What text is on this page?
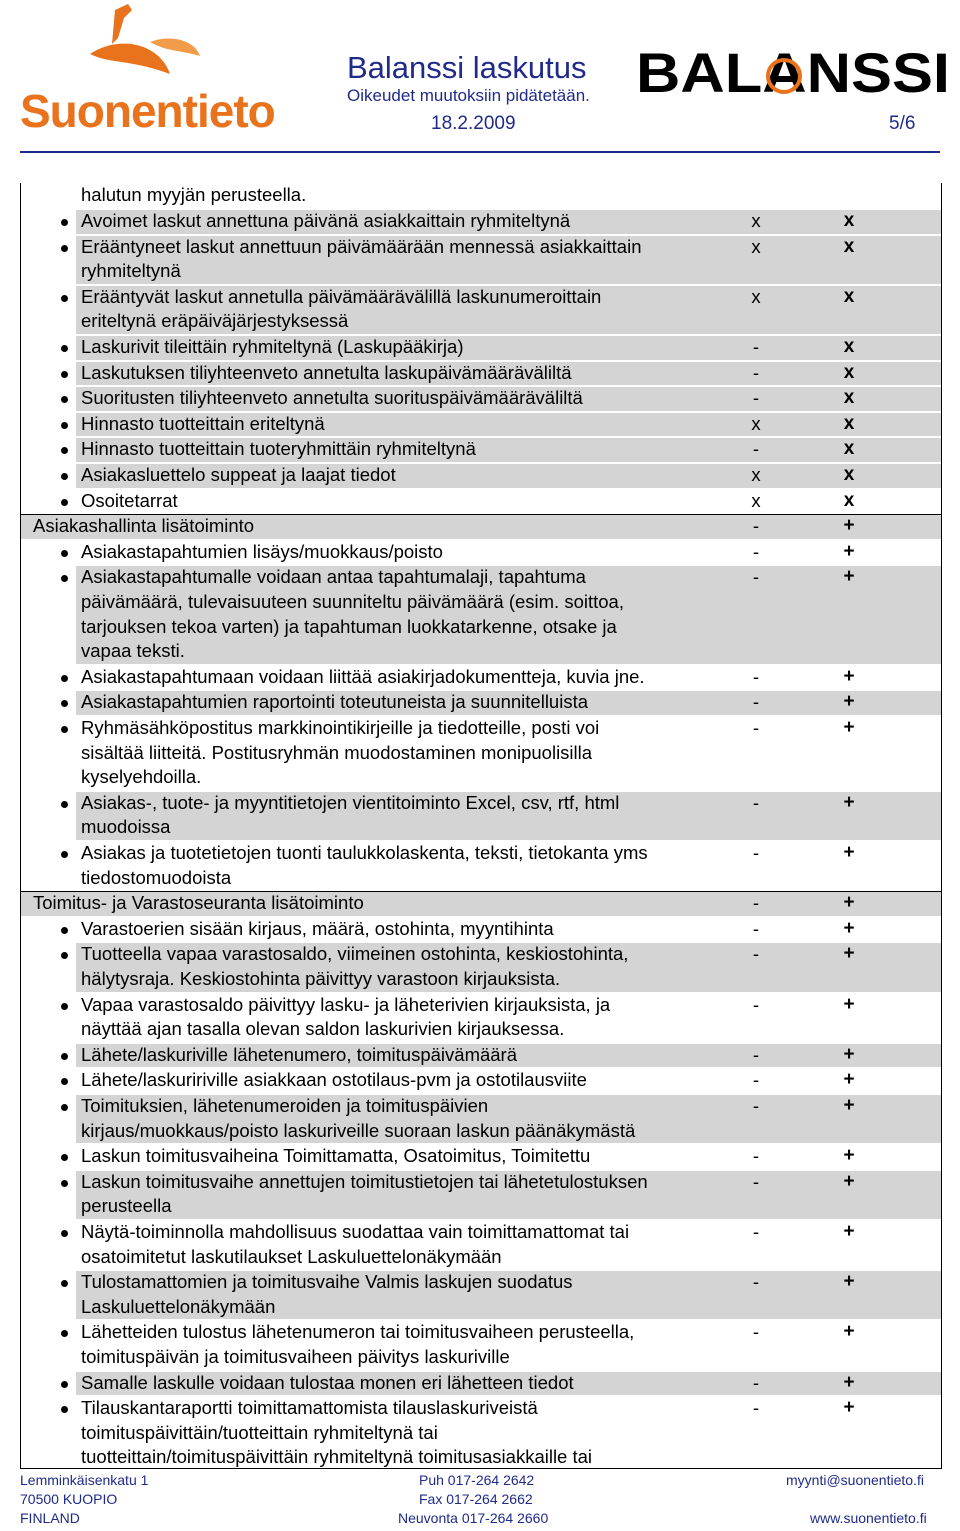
Suonentieto
Balanssi laskutus
Oikeudet muutoksiin pidätetään.
18.2.2009	5/6
BALANSSI
halutun myyjän perusteella.
Avoimet laskut annettuna päivänä asiakkaittain ryhmiteltynä	x	x
Erääntyneet laskut annettuun päivämäärään mennessä asiakkaittain
ryhmiteltynä
x	x
Erääntyvät laskut annetulla päivämäärävälillä laskunumeroittain
eriteltynä eräpäiväjärjestyksessä
x	x
Laskurivit tileittäin ryhmiteltynä (Laskupääkirja)	-	x
Laskutuksen tiliyhteenveto annetulta laskupäivämääräväliltä	-	x
Suoritusten tiliyhteenveto annetulta suorituspäivämääräväliltä	-	x
Hinnasto tuotteittain eriteltynä	x	x
Hinnasto tuotteittain tuoteryhmittäin ryhmiteltynä	-	x
Asiakasluettelo suppeat ja laajat tiedot	x	x
Osoitetarrat	x	x
Asiakashallinta lisätoiminto	-	+
Asiakastapahtumien lisäys/muokkaus/poisto	-	+
Asiakastapahtumalle voidaan antaa tapahtumalaji, tapahtuma
päivämäärä, tulevaisuuteen suunniteltu päivämäärä (esim. soittoa,
tarjouksen tekoa varten) ja tapahtuman luokkatarkenne, otsake ja
vapaa teksti.
-	+
Asiakastapahtumaan voidaan liittää asiakirjadokumentteja, kuvia jne.	-	+
Asiakastapahtumien raportointi toteutuneista ja suunnitelluista	-	+
Ryhmäsähköpostitus markkinointikirjeille ja tiedotteille, posti voi
sisältää liitteitä. Postitusryhmän muodostaminen monipuolisilla
kyselyehdoilla.
-	+
Asiakas-, tuote- ja myyntitietojen vientitoiminto Excel, csv, rtf, html
muodoissa
-	+
Asiakas ja tuotetietojen tuonti taulukkolaskenta, teksti, tietokanta yms
tiedostomuodoista
-	+
Toimitus- ja Varastoseuranta lisätoiminto	-	+
Varastoerien sisään kirjaus, määrä, ostohinta, myyntihinta	-	+
Tuotteella vapaa varastosaldo, viimeinen ostohinta, keskiostohinta,
hälytysraja. Keskiostohinta päivittyy varastoon kirjauksista.
-	+
Vapaa varastosaldo päivittyy lasku- ja läheterivien kirjauksista, ja
näyttää ajan tasalla olevan saldon laskurivien kirjauksessa.
-	+
Lähete/laskuriville lähetenumero, toimituspäivämäärä	-	+
Lähete/laskuririville asiakkaan ostotilaus-pvm ja ostotilausviite	-	+
Toimituksien, lähetenumeroiden ja toimituspäivien
kirjaus/muokkaus/poisto laskuriveille suoraan laskun päänäkymästä
-	+
Laskun toimitusvaiheina Toimittamatta, Osatoimitus, Toimitettu	-	+
Laskun toimitusvaihe annettujen toimitustietojen tai lähetetulostuksen
perusteella
-	+
Näytä-toiminnolla mahdollisuus suodattaa vain toimittamattomat tai
osatoimitetut laskutilaukset Laskuluettelonäkymään
-	+
Tulostamattomien ja toimitusvaihe Valmis laskujen suodatus
Laskuluettelonäkymään
-	+
Lähetteiden tulostus lähetenumeron tai toimitusvaiheen perusteella,
toimituspäivän ja toimitusvaiheen päivitys laskuriville
-	+
Samalle laskulle voidaan tulostaa monen eri lähetteen tiedot	-	+
Tilauskantaraportti toimittamattomista tilauslaskuriveistä
toimituspäivittäin/tuotteittain ryhmiteltynä tai
tuotteittain/toimituspäivittäin ryhmiteltynä toimitusasiakkaille tai
-	+
Lemminkäisenkatu 1
70500 KUOPIO
FINLAND
Puh 017-264 2642
Fax 017-264 2662
Neuvonta 017-264 2660
myynti@suonentieto.fi
www.suonentieto.fi
